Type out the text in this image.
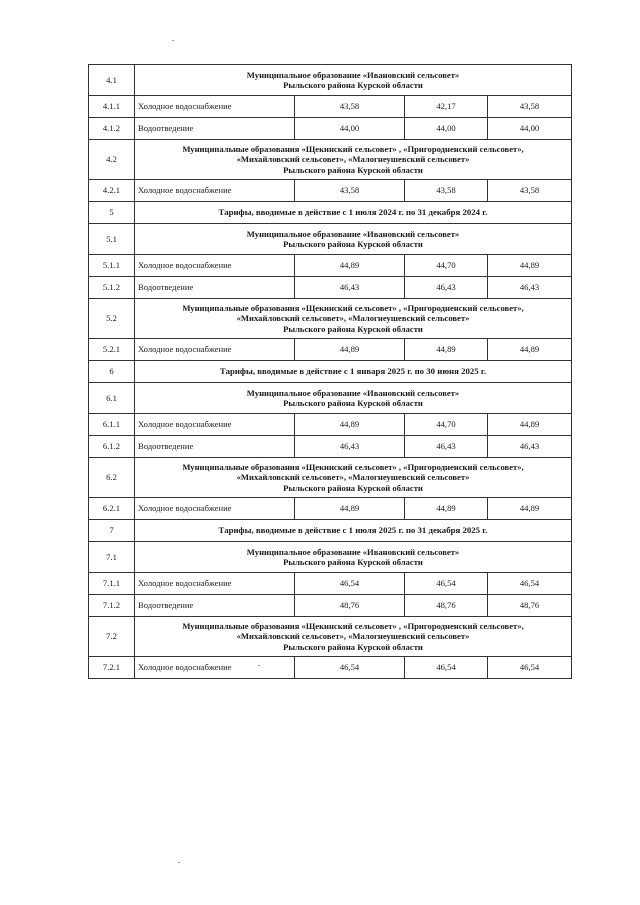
4.1	Муниципальное образование «Ивановский сельсовет»
Рыльского района Курской области			

4.1.1	Холодное водоснабжение	43,58	42,17	43,58
4.1.2	Водоотведение	44,00	44,00	44,00
4.2	Муниципальные образования «Щекинский сельсовет» , «Пригородненский сельсовет»,
«Михайловский сельсовет», «Малогнеушевский сельсовет»
Рыльского района Курской области			

4.2.1	Холодное водоснабжение	43,58	43,58	43,58
5	Тарифы, вводимые в действие с 1 июля 2024 г. по 31 декабря 2024 г.			
5.1	Муниципальное образование «Ивановский сельсовет»
Рыльского района Курской области			

5.1.1	Холодное водоснабжение	44,89	44,70	44,89
5.1.2	Водоотведение	46,43	46,43	46,43
5.2	Муниципальные образования «Щекинский сельсовет» , «Пригородненский сельсовет»,
«Михайловский сельсовет», «Малогнеушевский сельсовет»
Рыльского района Курской области			

5.2.1	Холодное водоснабжение	44,89	44,89	44,89
6	Тарифы, вводимые в действие с 1 января 2025 г. по 30 июня 2025 г.			
6.1	Муниципальное образование «Ивановский сельсовет»
Рыльского района Курской области			

6.1.1	Холодное водоснабжение	44,89	44,70	44,89
6.1.2	Водоотведение	46,43	46,43	46,43
6.2	Муниципальные образования «Щекинский сельсовет» , «Пригородненский сельсовет»,
«Михайловский сельсовет», «Малогнеушевский сельсовет»
Рыльского района Курской области			

6.2.1	Холодное водоснабжение	44,89	44,89	44,89
7	Тарифы, вводимые в действие с 1 июля 2025 г. по 31 декабря 2025 г.			
7.1	Муниципальное образование «Ивановский сельсовет»
Рыльского района Курской области			

7.1.1	Холодное водоснабжение	46,54	46,54	46,54
7.1.2	Водоотведение	48,76	48,76	48,76
7.2	Муниципальные образования «Щекинский сельсовет» , «Пригородненский сельсовет»,
«Михайловский сельсовет», «Малогнеушевский сельсовет»
Рыльского района Курской области			

7.2.1	Холодное водоснабжение	46,54	46,54	46,54
